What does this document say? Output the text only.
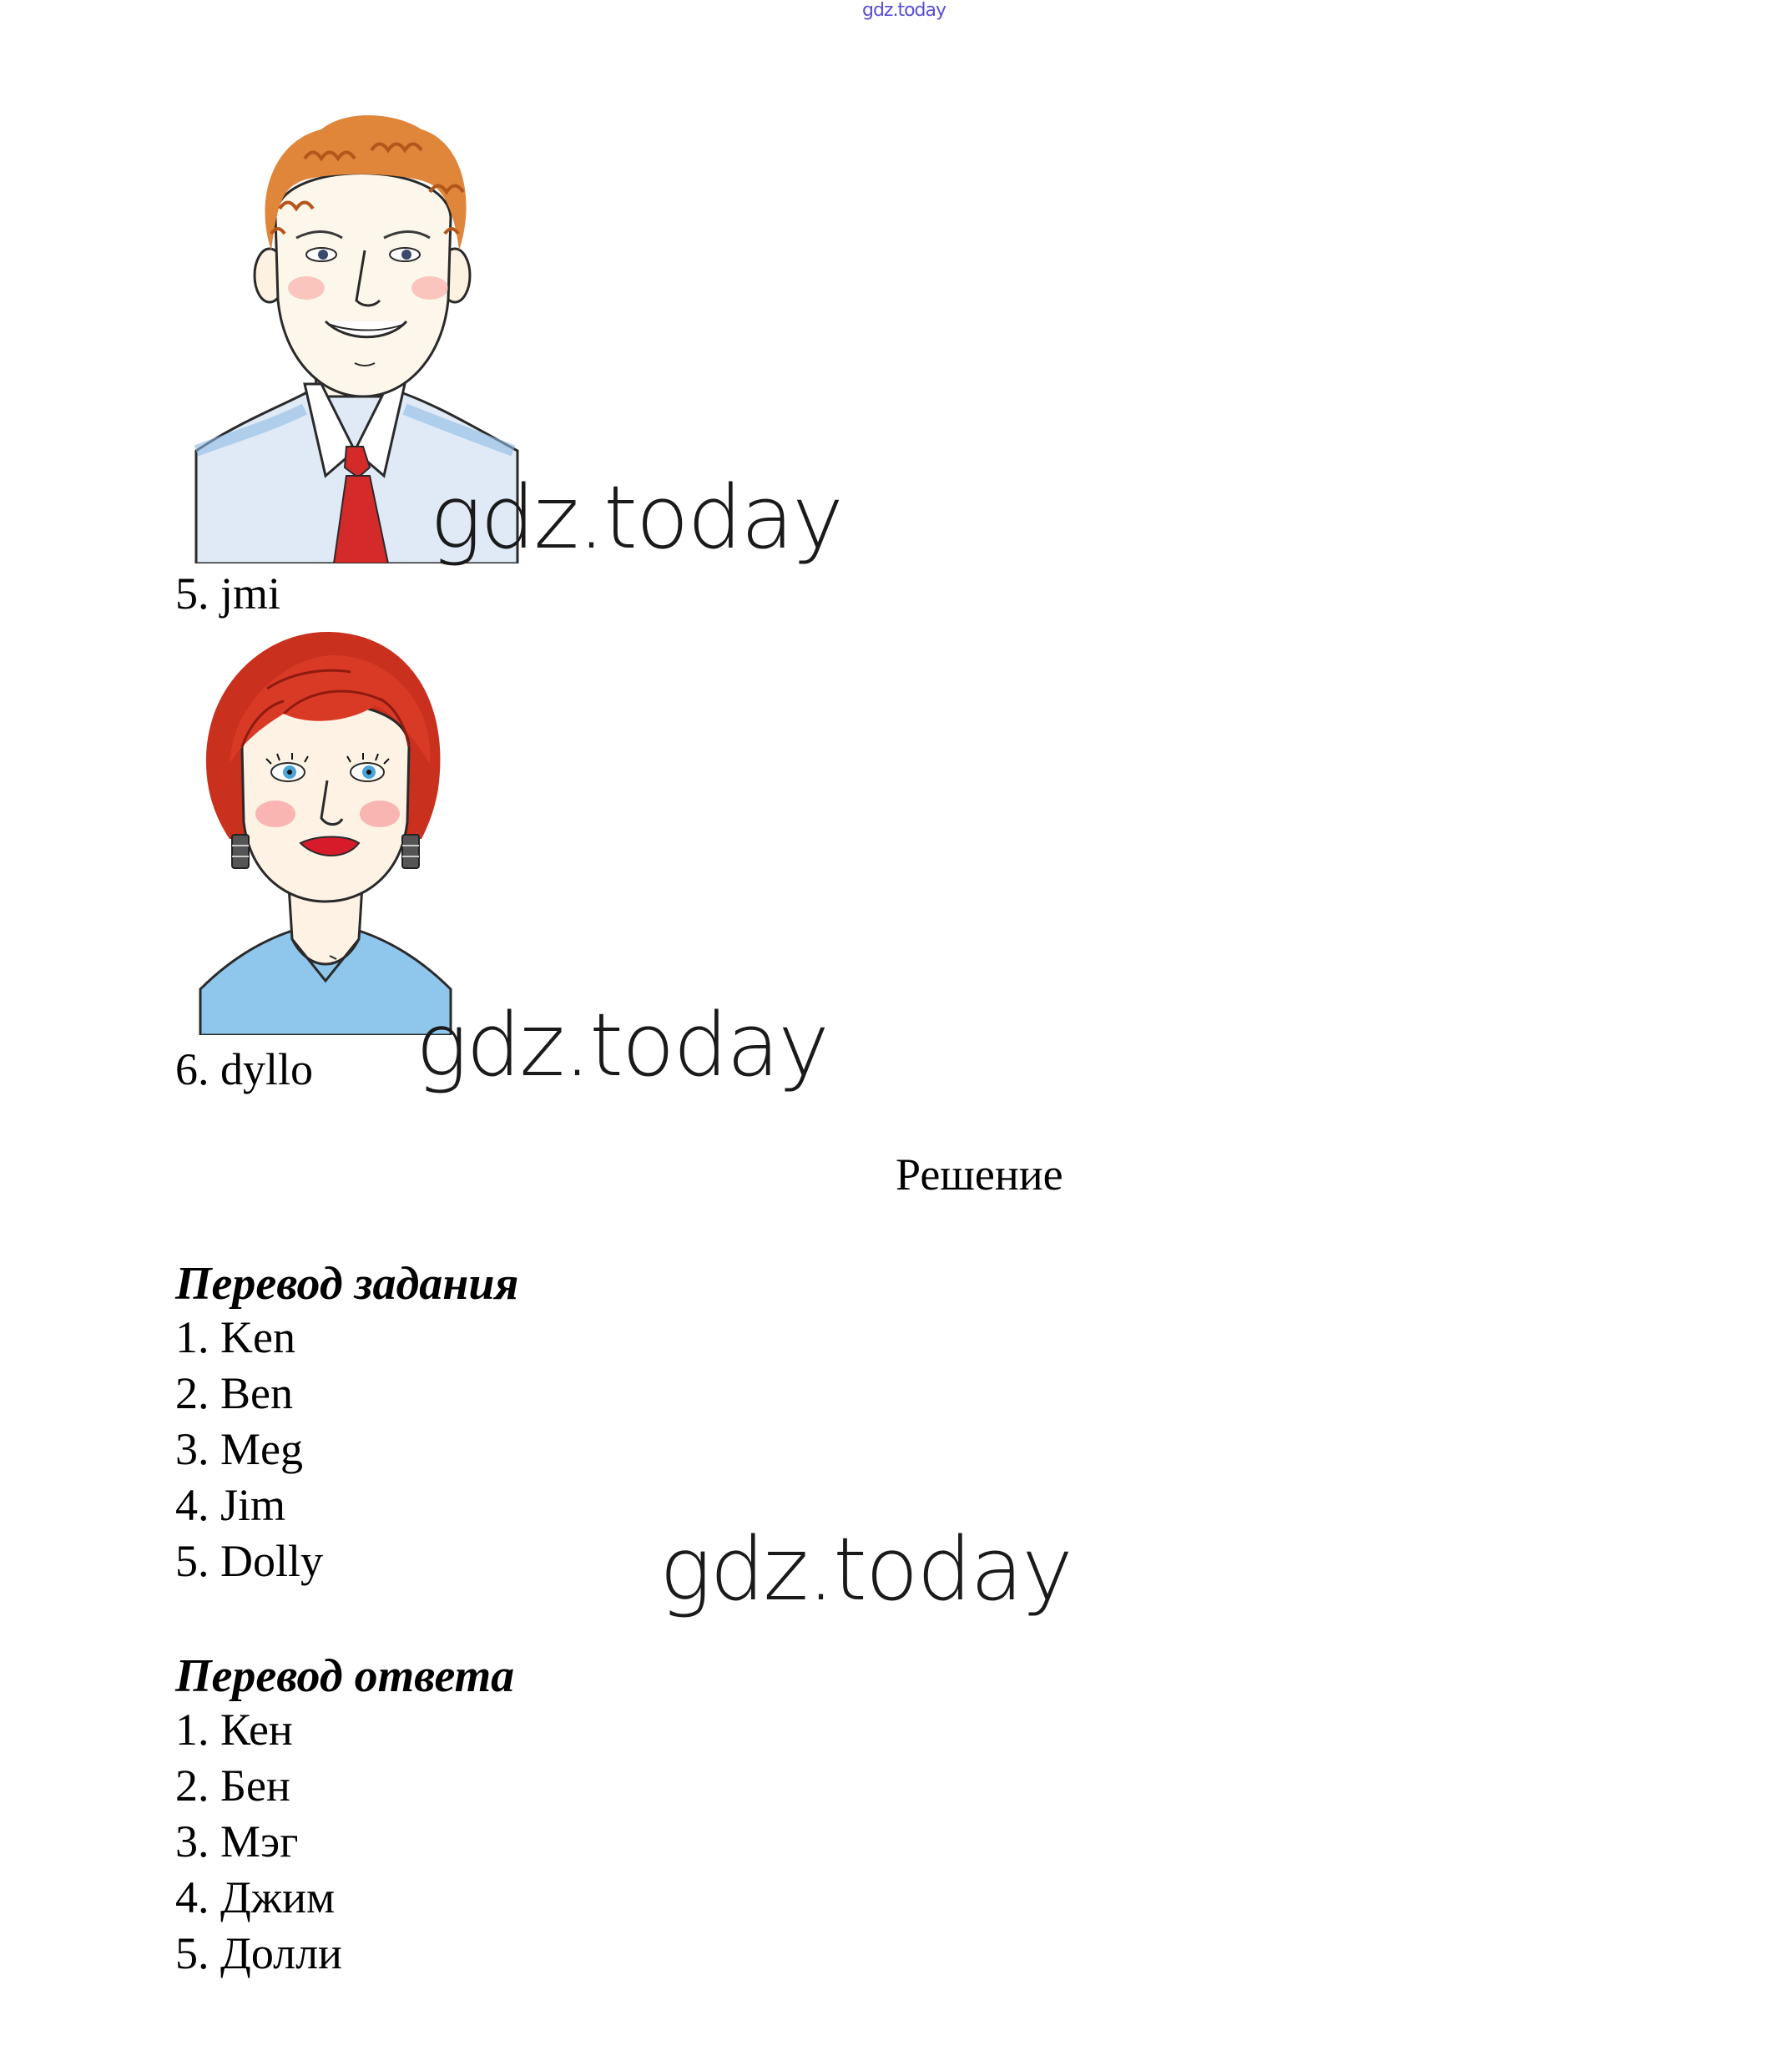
gdz.today
gdz.today
5. jmi
gdz.today
6. dyllo
Решение
Перевод задания
1. Ken
2. Ben
3. Meg
4. Jim
5. Dolly	gdz.today
Перевод ответа
1. Кен
2. Бен
3. Мэг
4. Джим
5. Долли
